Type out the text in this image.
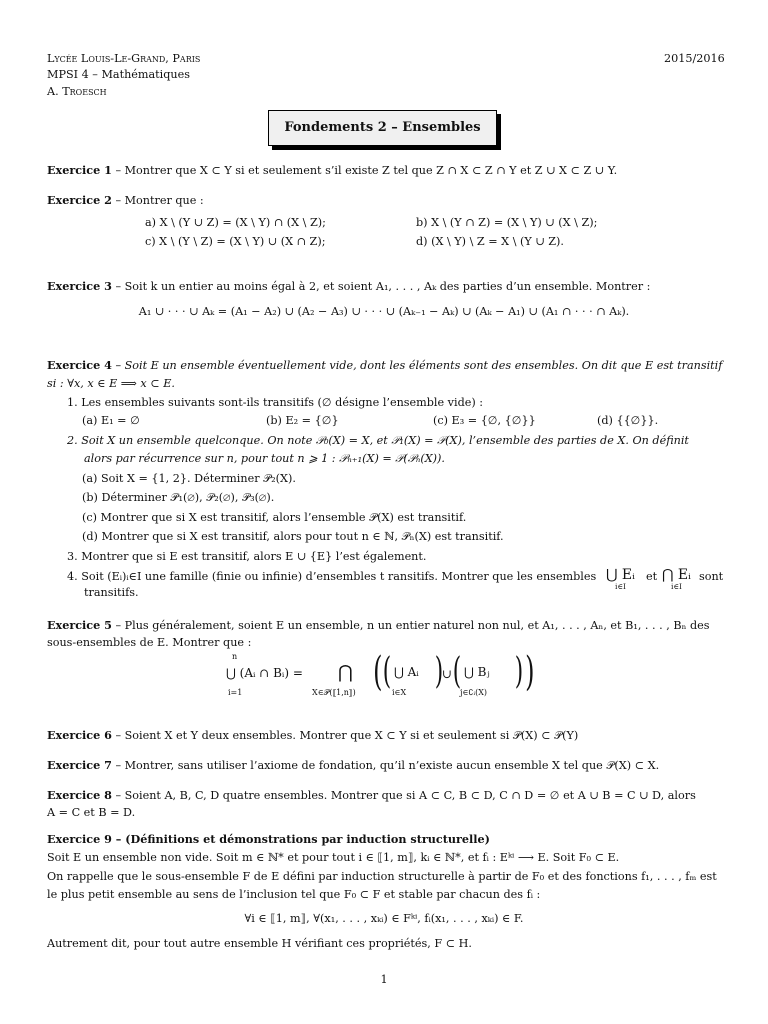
Lycée Louis-Le-Grand, Paris
MPSI 4 – Mathématiques
A. Troesch
2015/2016
Fondements 2 – Ensembles
Exercice 1 – Montrer que X ⊂ Y si et seulement s’il existe Z tel que Z ∩ X ⊂ Z ∩ Y et Z ∪ X ⊂ Z ∪ Y.
Exercice 2 – Montrer que :
a) X \ (Y ∪ Z) = (X \ Y) ∩ (X \ Z);	b) X \ (Y ∩ Z) = (X \ Y) ∪ (X \ Z);
c) X \ (Y \ Z) = (X \ Y) ∪ (X ∩ Z);	d) (X \ Y) \ Z = X \ (Y ∪ Z).
Exercice 3 – Soit k un entier au moins égal à 2, et soient A₁, . . . , Aₖ des parties d’un ensemble. Montrer :
A₁ ∪ · · · ∪ Aₖ = (A₁ − A₂) ∪ (A₂ − A₃) ∪ · · · ∪ (Aₖ₋₁ − Aₖ) ∪ (Aₖ − A₁) ∪ (A₁ ∩ · · · ∩ Aₖ).
Exercice 4 – Soit E un ensemble éventuellement vide, dont les éléments sont des ensembles. On dit que E est transitif
si : ∀x, x ∈ E ⟹ x ⊂ E.
1. Les ensembles suivants sont-ils transitifs (∅ désigne l’ensemble vide) :
(a) E₁ = ∅	(b) E₂ = {∅}	(c) E₃ = {∅, {∅}}	(d) {{∅}}.
2. Soit X un ensemble quelconque. On note 𝒫₀(X) = X, et 𝒫₁(X) = 𝒫(X), l’ensemble des parties de X. On définit
alors par récurrence sur n, pour tout n ⩾ 1 : 𝒫ₙ₊₁(X) = 𝒫(𝒫ₙ(X)).
(a) Soit X = {1, 2}. Déterminer 𝒫₂(X).
(b) Déterminer 𝒫₁(∅), 𝒫₂(∅), 𝒫₃(∅).
(c) Montrer que si X est transitif, alors l’ensemble 𝒫(X) est transitif.
(d) Montrer que si X est transitif, alors pour tout n ∈ ℕ, 𝒫ₙ(X) est transitif.
3. Montrer que si E est transitif, alors E ∪ {E} l’est également.
4. Soit (Eᵢ)ᵢ∈I une famille (finie ou infinie) d’ensembles t ransitifs. Montrer que les ensembles ⋃ Eᵢ
i∈I
et ⋂ Eᵢ
i∈I
sont
transitifs.
Exercice 5 – Plus généralement, soient E un ensemble, n un entier naturel non nul, et A₁, . . . , Aₙ, et B₁, . . . , Bₙ des
sous-ensembles de E. Montrer que :
n
⋃ (Aᵢ ∩ Bᵢ) =
i=1
⋂
X∈𝒫(⟦1,n⟧) ( ( ⋃ Aᵢ
i∈X
)
∪ ( ⋃ Bⱼ
j∈∁ᵢ(X)
) )
Exercice 6 – Soient X et Y deux ensembles. Montrer que X ⊂ Y si et seulement si 𝒫(X) ⊂ 𝒫(Y)
Exercice 7 – Montrer, sans utiliser l’axiome de fondation, qu’il n’existe aucun ensemble X tel que 𝒫(X) ⊂ X.
Exercice 8 – Soient A, B, C, D quatre ensembles. Montrer que si A ⊂ C, B ⊂ D, C ∩ D = ∅ et A ∪ B = C ∪ D, alors
A = C et B = D.
Exercice 9 – (Définitions et démonstrations par induction structurelle)
Soit E un ensemble non vide. Soit m ∈ ℕ* et pour tout i ∈ ⟦1, m⟧, kᵢ ∈ ℕ*, et fᵢ : Eᵏⁱ ⟶ E. Soit F₀ ⊂ E.
On rappelle que le sous-ensemble F de E défini par induction structurelle à partir de F₀ et des fonctions f₁, . . . , fₘ est
le plus petit ensemble au sens de l’inclusion tel que F₀ ⊂ F et stable par chacun des fᵢ :
∀i ∈ ⟦1, m⟧, ∀(x₁, . . . , xₖᵢ) ∈ Fᵏⁱ, fᵢ(x₁, . . . , xₖᵢ) ∈ F.
Autrement dit, pour tout autre ensemble H vérifiant ces propriétés, F ⊂ H.
1
